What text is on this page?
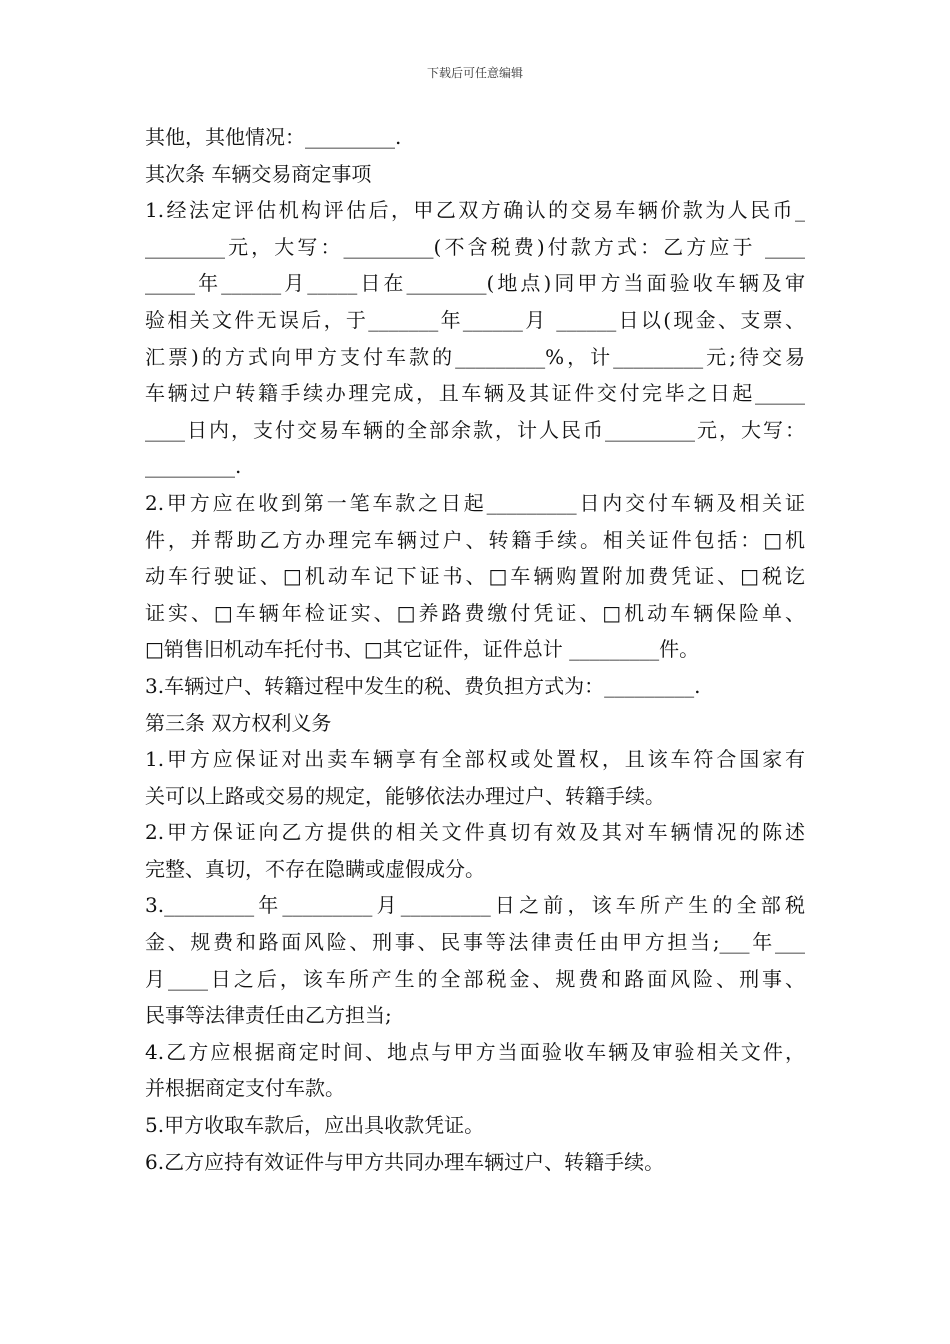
下载后可任意编辑
其他，其他情况：_________.
其次条 车辆交易商定事项
1.经法定评估机构评估后，甲乙双方确认的交易车辆价款为人民币_
________元，大写：_________(不含税费)付款方式：乙方应于 ____
_____年______月_____日在________(地点)同甲方当面验收车辆及审
验相关文件无误后，于_______年______月 ______日以(现金、支票、
汇票)的方式向甲方支付车款的_________%，计_________元;待交易
车辆过户转籍手续办理完成，且车辆及其证件交付完毕之日起_____
____日内，支付交易车辆的全部余款，计人民币_________元，大写：
_________.
2.甲方应在收到第一笔车款之日起_________日内交付车辆及相关证
件，并帮助乙方办理完车辆过户、转籍手续。相关证件包括：□机
动车行驶证、□机动车记下证书、□车辆购置附加费凭证、□税讫
证实、□车辆年检证实、□养路费缴付凭证、□机动车辆保险单、
□销售旧机动车托付书、□其它证件，证件总计 _________件。
3.车辆过户、转籍过程中发生的税、费负担方式为：_________.
第三条 双方权利义务
1.甲方应保证对出卖车辆享有全部权或处置权，且该车符合国家有
关可以上路或交易的规定，能够依法办理过户、转籍手续。
2.甲方保证向乙方提供的相关文件真切有效及其对车辆情况的陈述
完整、真切，不存在隐瞒或虚假成分。
3._________年_________月_________日之前，该车所产生的全部税
金、规费和路面风险、刑事、民事等法律责任由甲方担当;___年___
月____日之后，该车所产生的全部税金、规费和路面风险、刑事、
民事等法律责任由乙方担当;
4.乙方应根据商定时间、地点与甲方当面验收车辆及审验相关文件，
并根据商定支付车款。
5.甲方收取车款后，应出具收款凭证。
6.乙方应持有效证件与甲方共同办理车辆过户、转籍手续。
